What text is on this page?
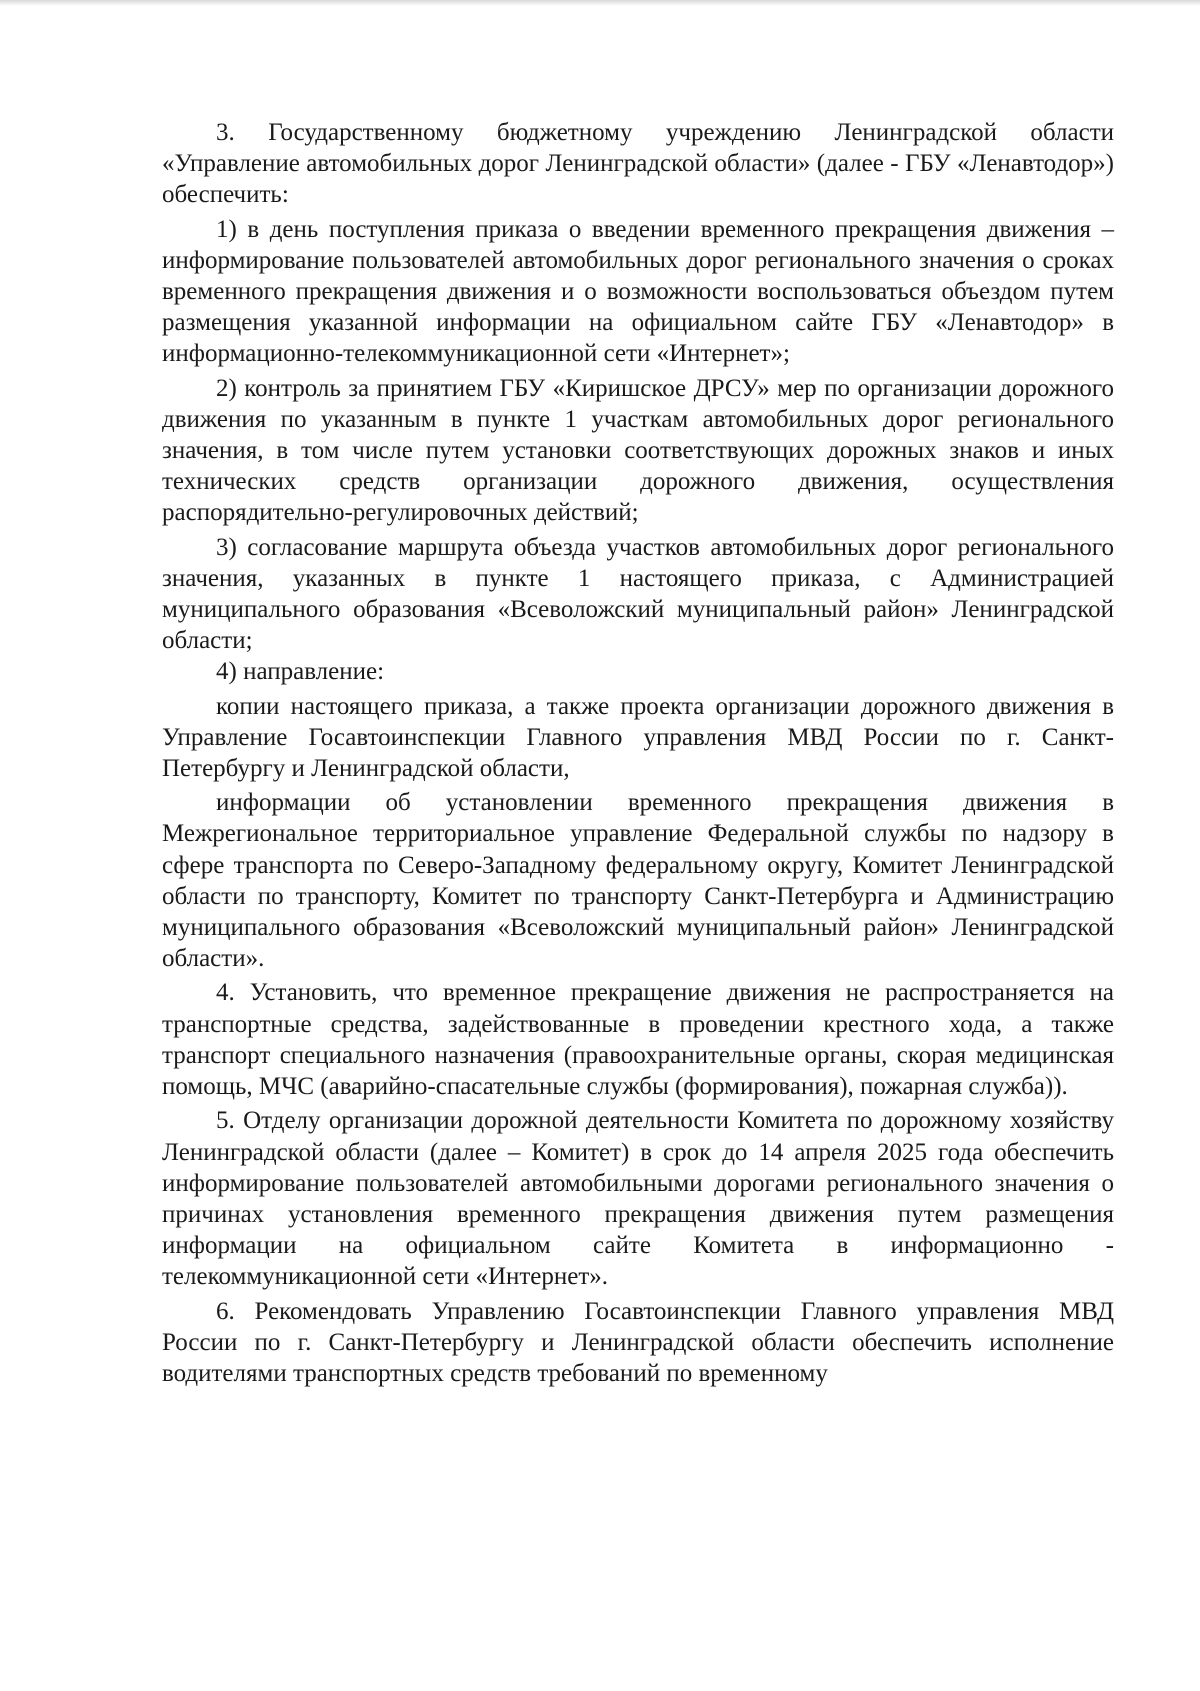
3. Государственному бюджетному учреждению Ленинградской области «Управление автомобильных дорог Ленинградской области» (далее - ГБУ «Ленавтодор») обеспечить:

1) в день поступления приказа о введении временного прекращения движения – информирование пользователей автомобильных дорог регионального значения о сроках временного прекращения движения и о возможности воспользоваться объездом путем размещения указанной информации на официальном сайте ГБУ «Ленавтодор» в информационно-телекоммуникационной сети «Интернет»;

2) контроль за принятием ГБУ «Киришское ДРСУ» мер по организации дорожного движения по указанным в пункте 1 участкам автомобильных дорог регионального значения, в том числе путем установки соответствующих дорожных знаков и иных технических средств организации дорожного движения, осуществления распорядительно-регулировочных действий;

3) согласование маршрута объезда участков автомобильных дорог регионального значения, указанных в пункте 1 настоящего приказа, с Администрацией муниципального образования «Всеволожский муниципальный район» Ленинградской области;

4) направление:

копии настоящего приказа, а также проекта организации дорожного движения в Управление Госавтоинспекции Главного управления МВД России по г. Санкт-Петербургу и Ленинградской области,

информации об установлении временного прекращения движения в Межрегиональное территориальное управление Федеральной службы по надзору в сфере транспорта по Северо-Западному федеральному округу, Комитет Ленинградской области по транспорту, Комитет по транспорту Санкт-Петербурга и Администрацию муниципального образования «Всеволожский муниципальный район» Ленинградской области».

4. Установить, что временное прекращение движения не распространяется на транспортные средства, задействованные в проведении крестного хода, а также транспорт специального назначения (правоохранительные органы, скорая медицинская помощь, МЧС (аварийно-спасательные службы (формирования), пожарная служба)).

5. Отделу организации дорожной деятельности Комитета по дорожному хозяйству Ленинградской области (далее – Комитет) в срок до 14 апреля 2025 года обеспечить информирование пользователей автомобильными дорогами регионального значения о причинах установления временного прекращения движения путем размещения информации на официальном сайте Комитета в информационно - телекоммуникационной сети «Интернет».

6. Рекомендовать Управлению Госавтоинспекции Главного управления МВД России по г. Санкт-Петербургу и Ленинградской области обеспечить исполнение водителями транспортных средств требований по временному
